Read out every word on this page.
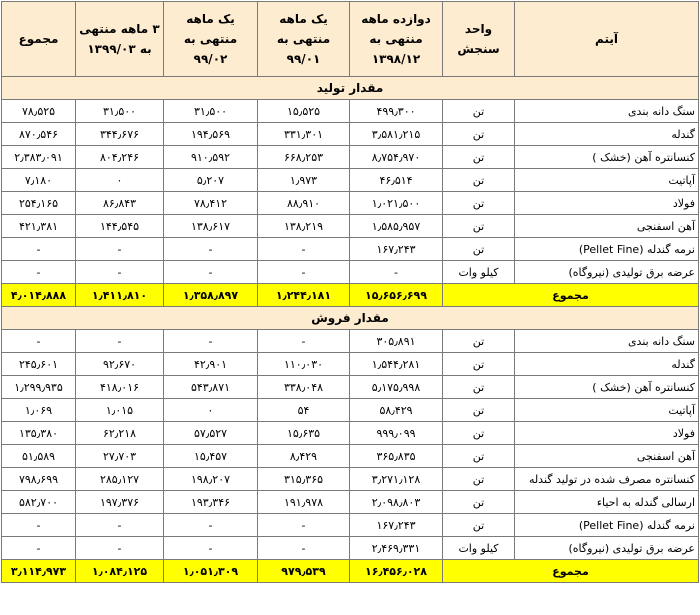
آیتم	واحد سنجش	دوازده ماهه منتهی به ۱۳۹۸/۱۲	یک ماهه منتهی به ۹۹/۰۱	یک ماهه منتهی به ۹۹/۰۲	۳ ماهه منتهی به ۱۳۹۹/۰۳	مجموع
مقدار تولید						
سنگ دانه بندی	تن	۴۹۹٫۳۰۰	۱۵٫۵۲۵	۳۱٫۵۰۰	۳۱٫۵۰۰	۷۸٫۵۲۵
گندله	تن	۳٫۵۸۱٫۲۱۵	۳۳۱٫۳۰۱	۱۹۴٫۵۶۹	۳۴۴٫۶۷۶	۸۷۰٫۵۴۶
کنسانتره آهن (خشک )	تن	۸٫۷۵۴٫۹۷۰	۶۶۸٫۲۵۳	۹۱۰٫۵۹۲	۸۰۴٫۲۴۶	۲٫۳۸۳٫۰۹۱
آپاتیت	تن	۴۶٫۵۱۴	۱٫۹۷۳	۵٫۲۰۷	۰	۷٫۱۸۰
فولاد	تن	۱٫۰۲۱٫۵۰۰	۸۸٫۹۱۰	۷۸٫۴۱۲	۸۶٫۸۴۳	۲۵۴٫۱۶۵
آهن اسفنجی	تن	۱٫۵۸۵٫۹۵۷	۱۳۸٫۲۱۹	۱۳۸٫۶۱۷	۱۴۴٫۵۴۵	۴۲۱٫۳۸۱
نرمه گندله (Pellet Fine)	تن	۱۶۷٫۲۴۳	-	-	-	-
عرضه برق تولیدی (نیروگاه)	کیلو وات	-	-	-	-	-
مجموع		۱۵٫۶۵۶٫۶۹۹	۱٫۲۴۴٫۱۸۱	۱٫۳۵۸٫۸۹۷	۱٫۴۱۱٫۸۱۰	۴٫۰۱۴٫۸۸۸
مقدار فروش						
سنگ دانه بندی	تن	۳۰۵٫۸۹۱	-	-	-	-
گندله	تن	۱٫۵۴۴٫۲۸۱	۱۱۰٫۰۳۰	۴۲٫۹۰۱	۹۲٫۶۷۰	۲۴۵٫۶۰۱
کنسانتره آهن (خشک )	تن	۵٫۱۷۵٫۹۹۸	۳۳۸٫۰۴۸	۵۴۳٫۸۷۱	۴۱۸٫۰۱۶	۱٫۲۹۹٫۹۳۵
آپاتیت	تن	۵۸٫۴۲۹	۵۴	۰	۱٫۰۱۵	۱٫۰۶۹
فولاد	تن	۹۹۹٫۰۹۹	۱۵٫۶۳۵	۵۷٫۵۲۷	۶۲٫۲۱۸	۱۳۵٫۳۸۰
آهن اسفنجی	تن	۳۶۵٫۸۳۵	۸٫۴۲۹	۱۵٫۴۵۷	۲۷٫۷۰۳	۵۱٫۵۸۹
کنسانتره مصرف شده در تولید گندله	تن	۳٫۲۷۱٫۱۲۸	۳۱۵٫۳۶۵	۱۹۸٫۲۰۷	۲۸۵٫۱۲۷	۷۹۸٫۶۹۹
ارسالی گندله به احیاء	تن	۲٫۰۹۸٫۸۰۳	۱۹۱٫۹۷۸	۱۹۳٫۳۴۶	۱۹۷٫۳۷۶	۵۸۲٫۷۰۰
نرمه گندله (Pellet Fine)	تن	۱۶۷٫۲۴۳	-	-	-	-
عرضه برق تولیدی (نیروگاه)	کیلو وات	۲٫۴۶۹٫۳۳۱	-	-	-	-
مجموع		۱۶٫۴۵۶٫۰۲۸	۹۷۹٫۵۳۹	۱٫۰۵۱٫۳۰۹	۱٫۰۸۴٫۱۲۵	۳٫۱۱۴٫۹۷۳
